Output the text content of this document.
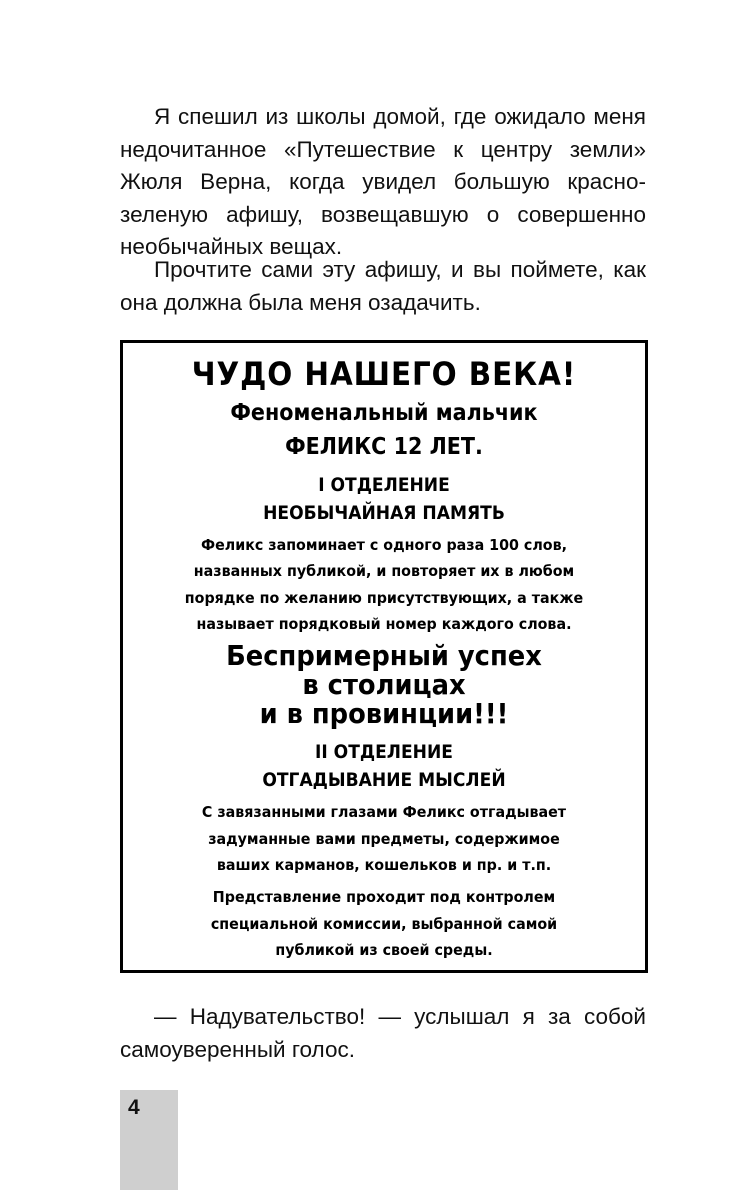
Я спешил из школы домой, где ожидало меня недочитанное «Путешествие к центру земли» Жюля Верна, когда увидел большую красно-зеленую афишу, возвещавшую о совершенно необычайных вещах.

Прочтите сами эту афишу, и вы поймете, как она должна была меня озадачить.

ЧУДО НАШЕГО ВЕКА!
Феноменальный мальчик
ФЕЛИКС 12 ЛЕТ.
I ОТДЕЛЕНИЕ
НЕОБЫЧАЙНАЯ ПАМЯТЬ
Феликс запоминает с одного раза 100 слов,
названных публикой, и повторяет их в любом
порядке по желанию присутствующих, а также
называет порядковый номер каждого слова.
Беспримерный успех
в столицах
и в провинции!!!
II ОТДЕЛЕНИЕ
ОТГАДЫВАНИЕ МЫСЛЕЙ
С завязанными глазами Феликс отгадывает
задуманные вами предметы, содержимое
ваших карманов, кошельков и пр. и т.п.
Представление проходит под контролем
специальной комиссии, выбранной самой
публикой из своей среды.

— Надувательство! — услышал я за собой самоуверенный голос.

4
